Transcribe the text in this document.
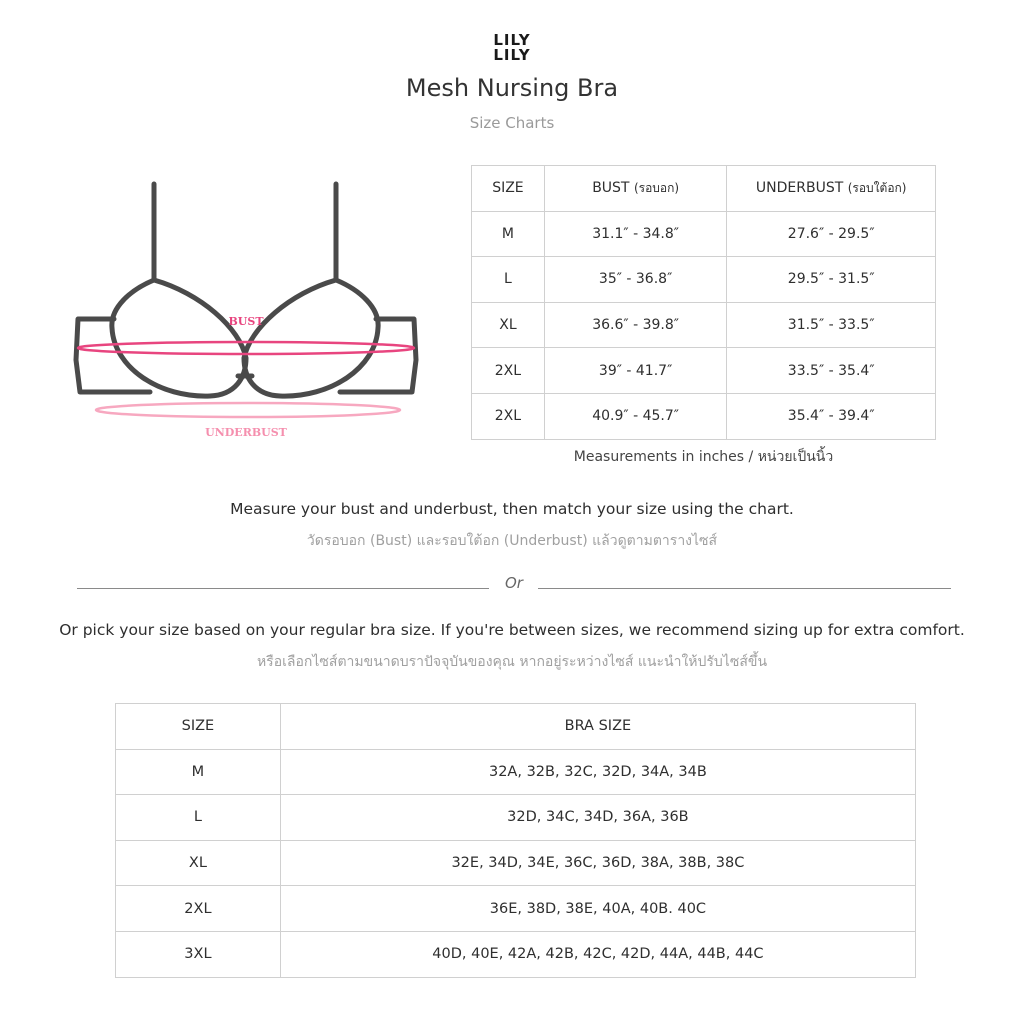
LILY
LILY
Mesh Nursing Bra
Size Charts
BUST
UNDERBUST
SIZE	BUST (รอบอก)	UNDERBUST (รอบใต้อก)
M	31.1″ - 34.8″	27.6″ - 29.5″
L	35″ - 36.8″	29.5″ - 31.5″
XL	36.6″ - 39.8″	31.5″ - 33.5″
2XL	39″ - 41.7″	33.5″ - 35.4″
2XL	40.9″ - 45.7″	35.4″ - 39.4″
Measurements in inches / หน่วยเป็นนิ้ว
Measure your bust and underbust, then match your size using the chart.
วัดรอบอก (Bust) และรอบใต้อก (Underbust) แล้วดูตามตารางไซส์
Or
Or pick your size based on your regular bra size. If you're between sizes, we recommend sizing up for extra comfort.
หรือเลือกไซส์ตามขนาดบราปัจจุบันของคุณ หากอยู่ระหว่างไซส์ แนะนำให้ปรับไซส์ขึ้น
SIZE	BRA SIZE
M	32A, 32B, 32C, 32D, 34A, 34B
L	32D, 34C, 34D, 36A, 36B
XL	32E, 34D, 34E, 36C, 36D, 38A, 38B, 38C
2XL	36E, 38D, 38E, 40A, 40B. 40C
3XL	40D, 40E, 42A, 42B, 42C, 42D, 44A, 44B, 44C
